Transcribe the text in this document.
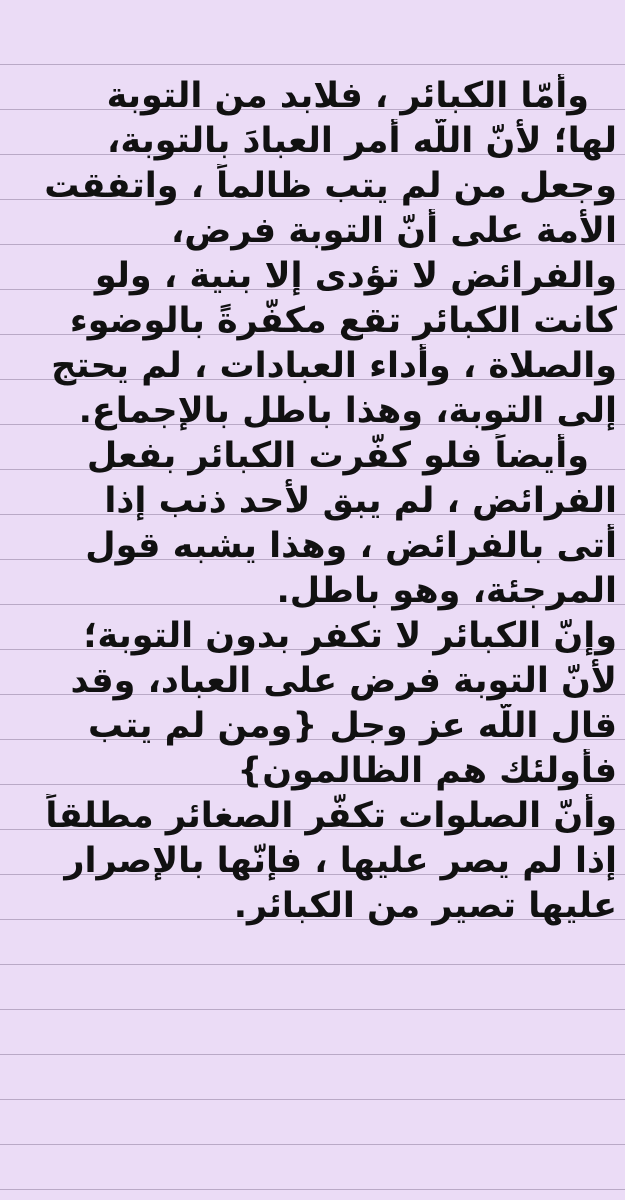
وأمّا الكبائر ، فلابد من التوبة
لها؛ لأنّ اللّه أمر العبادَ بالتوبة،
وجعل من لم يتب ظالماً ، واتفقت
الأمة على أنّ التوبة فرض،
والفرائض لا تؤدى إلا بنية ، ولو
كانت الكبائر تقع مكفّرةً بالوضوء
والصلاة ، وأداء العبادات ، لم يحتج
إلى التوبة، وهذا باطل بالإجماع.
وأيضاً فلو كفّرت الكبائر بفعل
الفرائض ، لم يبق لأحد ذنب إذا
أتى بالفرائض ، وهذا يشبه قول
المرجئة، وهو باطل.
وإنّ الكبائر لا تكفر بدون التوبة؛
لأنّ التوبة فرض على العباد، وقد
قال اللّه عز وجل {ومن لم يتب
فأولئك هم الظالمون}
وأنّ الصلوات تكفّر الصغائر مطلقاً
إذا لم يصر عليها ، فإنّها بالإصرار
عليها تصير من الكبائر.
